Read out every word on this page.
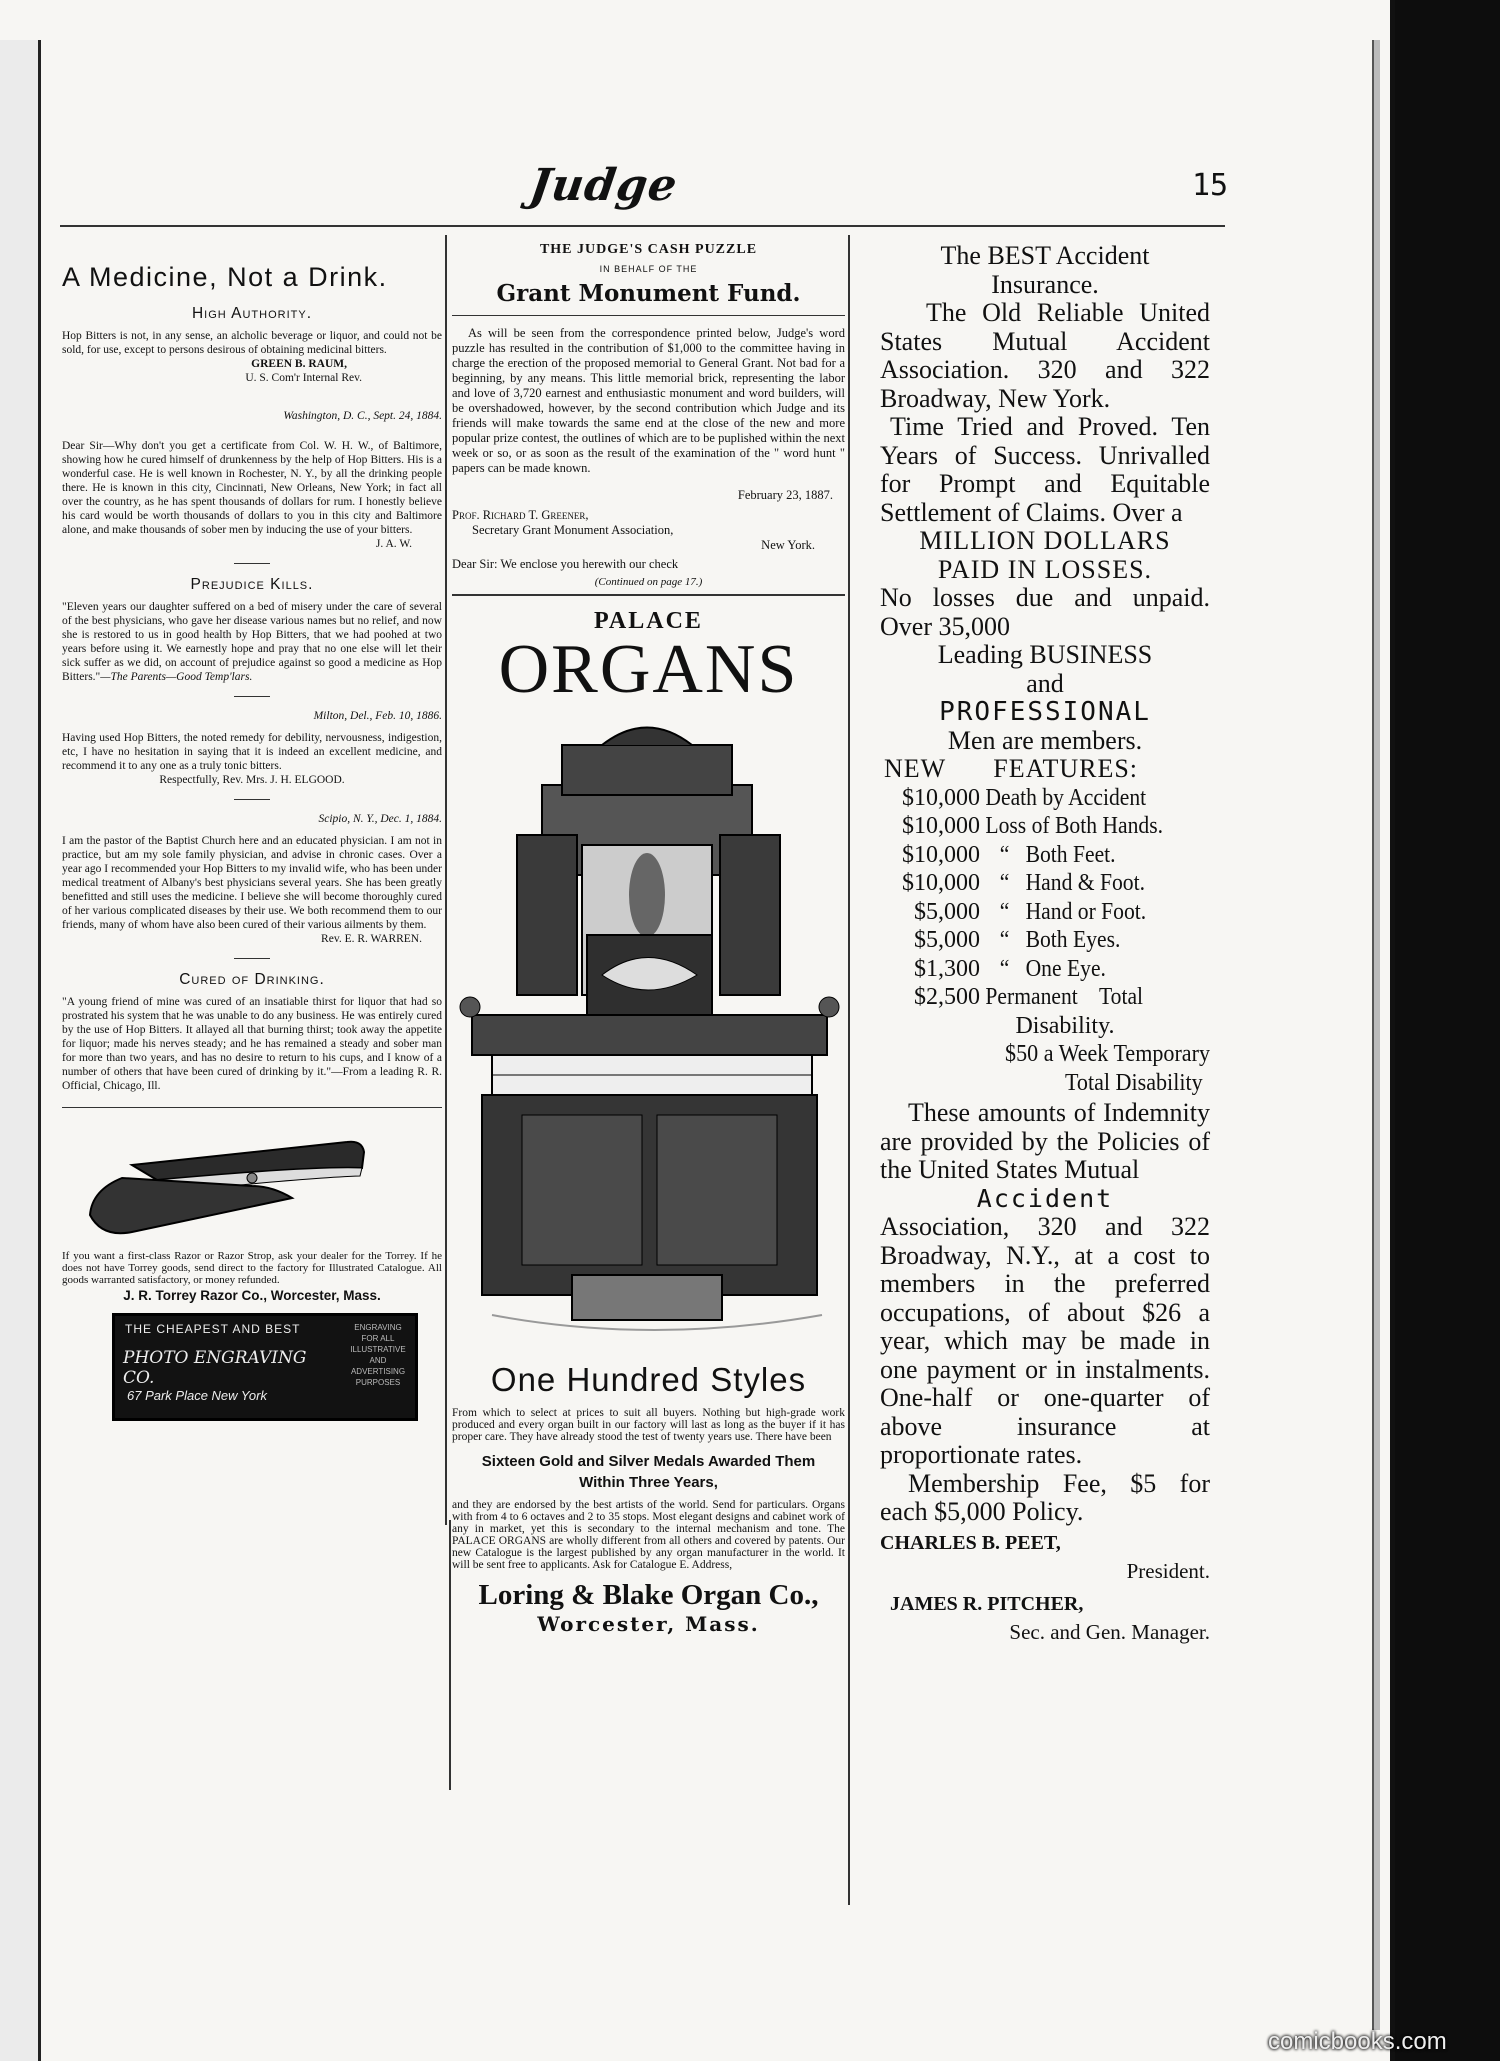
Judge	15
A Medicine, Not a Drink.
High Authority.
Hop Bitters is not, in any sense, an alcholic beverage or liquor, and could not be sold, for use, except to persons desirous of obtaining medicinal bitters.
GREEN B. RAUM,
U. S. Com'r Internal Rev.
Washington, D. C., Sept. 24, 1884.
Dear Sir—Why don't you get a certificate from Col. W. H. W., of Baltimore, showing how he cured himself of drunkenness by the help of Hop Bitters. His is a wonderful case. He is well known in Rochester, N. Y., by all the drinking people there. He is known in this city, Cincinnati, New Orleans, New York; in fact all over the country, as he has spent thousands of dollars for rum. I honestly believe his card would be worth thousands of dollars to you in this city and Baltimore alone, and make thousands of sober men by inducing the use of your bitters.
J. A. W.
Prejudice Kills.
"Eleven years our daughter suffered on a bed of misery under the care of several of the best physicians, who gave her disease various names but no relief, and now she is restored to us in good health by Hop Bitters, that we had poohed at two years before using it. We earnestly hope and pray that no one else will let their sick suffer as we did, on account of prejudice against so good a medicine as Hop Bitters."—The Parents—Good Temp'lars.
Milton, Del., Feb. 10, 1886.
Having used Hop Bitters, the noted remedy for debility, nervousness, indigestion, etc, I have no hesitation in saying that it is indeed an excellent medicine, and recommend it to any one as a truly tonic bitters.
Respectfully, Rev. Mrs. J. H. ELGOOD.
Scipio, N. Y., Dec. 1, 1884.
I am the pastor of the Baptist Church here and an educated physician. I am not in practice, but am my sole family physician, and advise in chronic cases. Over a year ago I recommended your Hop Bitters to my invalid wife, who has been under medical treatment of Albany's best physicians several years. She has been greatly benefitted and still uses the medicine. I believe she will become thoroughly cured of her various complicated diseases by their use. We both recommend them to our friends, many of whom have also been cured of their various ailments by them.
Rev. E. R. WARREN.
Cured of Drinking.
"A young friend of mine was cured of an insatiable thirst for liquor that had so prostrated his system that he was unable to do any business. He was entirely cured by the use of Hop Bitters. It allayed all that burning thirst; took away the appetite for liquor; made his nerves steady; and he has remained a steady and sober man for more than two years, and has no desire to return to his cups, and I know of a number of others that have been cured of drinking by it."—From a leading R. R. Official, Chicago, Ill.
If you want a first-class Razor or Razor Strop, ask your dealer for the Torrey. If he does not have Torrey goods, send direct to the factory for Illustrated Catalogue. All goods warranted satisfactory, or money refunded.
J. R. Torrey Razor Co., Worcester, Mass.
THE CHEAPEST AND BEST
PHOTO ENGRAVING CO.
67 Park Place New York
ENGRAVING FOR ALL ILLUSTRATIVE AND ADVERTISING PURPOSES
THE JUDGE'S CASH PUZZLE
IN BEHALF OF THE
Grant Monument Fund.
As will be seen from the correspondence printed below, Judge's word puzzle has resulted in the contribution of $1,000 to the committee having in charge the erection of the proposed memorial to General Grant. Not bad for a beginning, by any means. This little memorial brick, representing the labor and love of 3,720 earnest and enthusiastic monument and word builders, will be overshadowed, however, by the second contribution which Judge and its friends will make towards the same end at the close of the new and more popular prize contest, the outlines of which are to be puplished within the next week or so, or as soon as the result of the examination of the " word hunt " papers can be made known.
February 23, 1887.
Prof. Richard T. Greener,
Secretary Grant Monument Association,
New York.
Dear Sir: We enclose you herewith our check
(Continued on page 17.)
PALACE
ORGANS
One Hundred Styles
From which to select at prices to suit all buyers. Nothing but high-grade work produced and every organ built in our factory will last as long as the buyer if it has proper care. They have already stood the test of twenty years use. There have been
Sixteen Gold and Silver Medals Awarded Them Within Three Years,
and they are endorsed by the best artists of the world. Send for particulars. Organs with from 4 to 6 octaves and 2 to 35 stops. Most elegant designs and cabinet work of any in market, yet this is secondary to the internal mechanism and tone. The PALACE ORGANS are wholly different from all others and covered by patents. Our new Catalogue is the largest published by any organ manufacturer in the world. It will be sent free to applicants. Ask for Catalogue E. Address,
Loring & Blake Organ Co.,
Worcester, Mass.
The BEST Accident
Insurance.
The Old Reliable United States Mutual Accident Association. 320 and 322 Broadway, New York.
Time Tried and Proved. Ten Years of Success. Unrivalled for Prompt and Equitable Settlement of Claims. Over a
MILLION DOLLARS
PAID IN LOSSES.
No losses due and unpaid. Over 35,000
Leading BUSINESS
and
PROFESSIONAL
Men are members.
NEW FEATURES:
$10,000 Death by Accident
$10,000 Loss of Both Hands.
$10,000 “   Both Feet.
$10,000 “   Hand & Foot.
$5,000 “   Hand or Foot.
$5,000 “   Both Eyes.
$1,300 “   One Eye.
$2,500 Permanent    Total
Disability.
$50 a Week Temporary
Total Disability
These amounts of Indemnity are provided by the Policies of the United States Mutual
Accident
Association, 320 and 322 Broadway, N.Y., at a cost to members in the preferred occupations, of about $26 a year, which may be made in one payment or in instalments. One-half or one-quarter of above insurance at proportionate rates.
Membership Fee, $5 for each $5,000 Policy.
CHARLES B. PEET,
President.
JAMES R. PITCHER,
Sec. and Gen. Manager.
comicbooks.com
